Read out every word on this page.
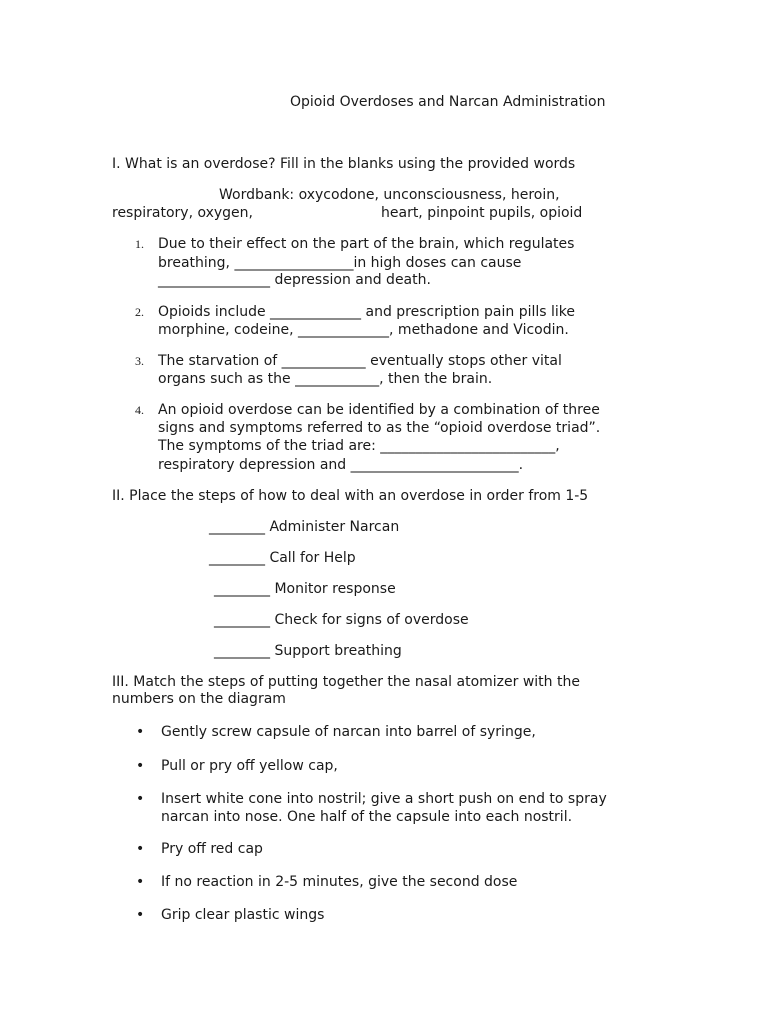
Opioid Overdoses and Narcan Administration
I. What is an overdose? Fill in the blanks using the provided words
Wordbank: oxycodone, unconsciousness, heroin,
respiratory, oxygen,	heart, pinpoint pupils, opioid
1. Due to their effect on the part of the brain, which regulates
breathing, _________________in high doses can cause
________________ depression and death.
2. Opioids include _____________ and prescription pain pills like
morphine, codeine, _____________, methadone and Vicodin.
3. The starvation of ____________ eventually stops other vital
organs such as the ____________, then the brain.
4. An opioid overdose can be identified by a combination of three
signs and symptoms referred to as the “opioid overdose triad”.
The symptoms of the triad are: _________________________,
respiratory depression and ________________________.
II. Place the steps of how to deal with an overdose in order from 1-5
________ Administer Narcan
________ Call for Help
________ Monitor response
________ Check for signs of overdose
________ Support breathing
III. Match the steps of putting together the nasal atomizer with the
numbers on the diagram
• Gently screw capsule of narcan into barrel of syringe,
• Pull or pry off yellow cap,
• Insert white cone into nostril; give a short push on end to spray
narcan into nose. One half of the capsule into each nostril.
• Pry off red cap
• If no reaction in 2-5 minutes, give the second dose
• Grip clear plastic wings
